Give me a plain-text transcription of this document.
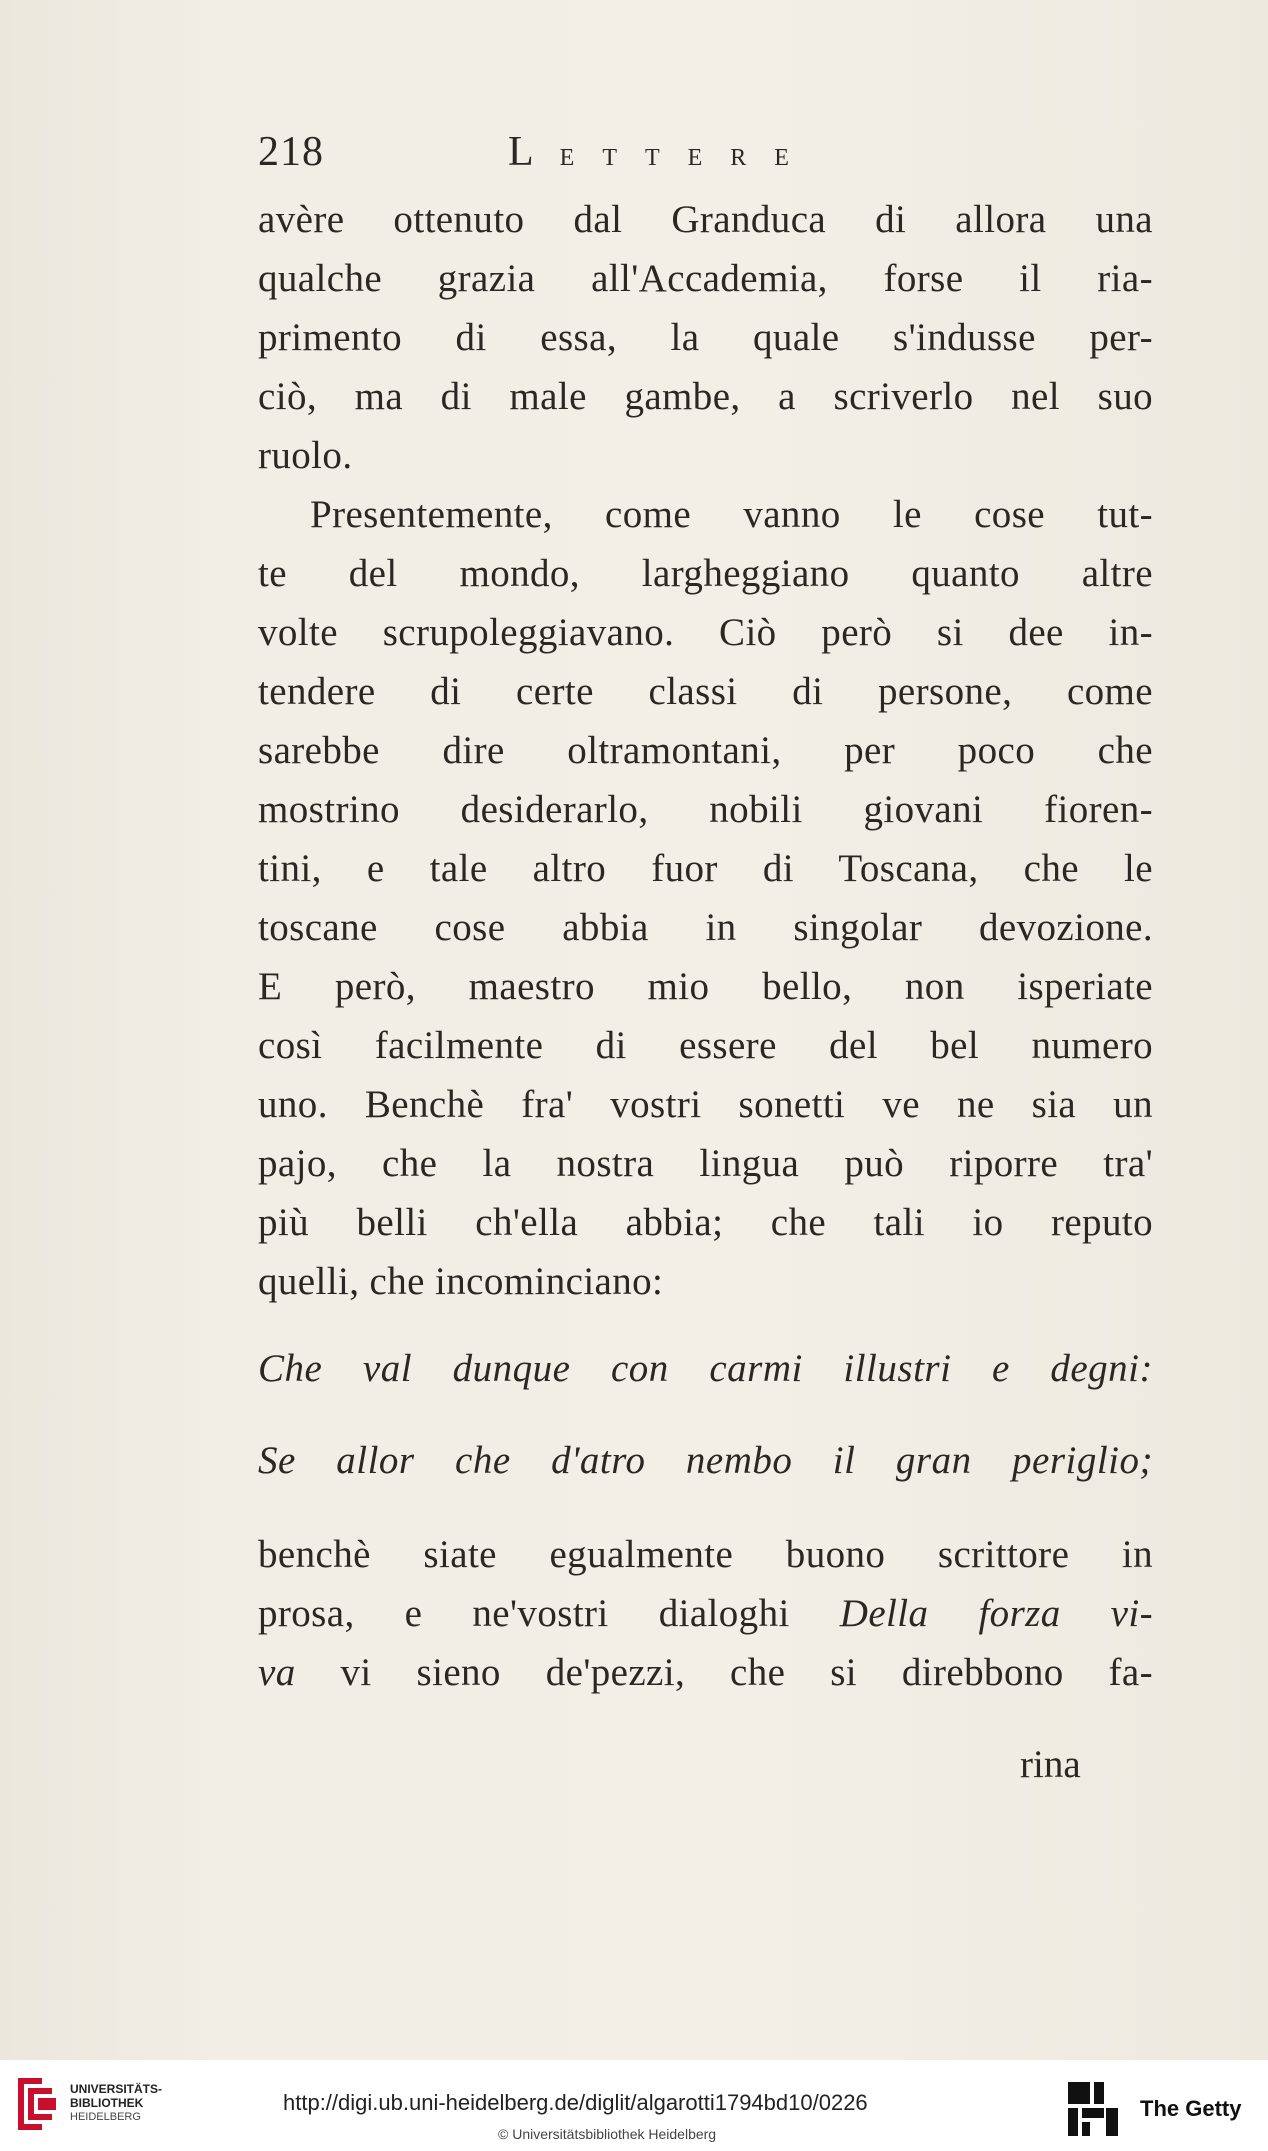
218	LETTERE
avère ottenuto dal Granduca di allora una
qualche grazia all'Accademia, forse il ria-
primento di essa, la quale s'indusse per-
ciò, ma di male gambe, a scriverlo nel suo
ruolo.
Presentemente, come vanno le cose tut-
te del mondo, largheggiano quanto altre
volte scrupoleggiavano. Ciò però si dee in-
tendere di certe classi di persone, come
sarebbe dire oltramontani, per poco che
mostrino desiderarlo, nobili giovani fioren-
tini, e tale altro fuor di Toscana, che le
toscane cose abbia in singolar devozione.
E però, maestro mio bello, non isperiate
così facilmente di essere del bel numero
uno. Benchè fra' vostri sonetti ve ne sia un
pajo, che la nostra lingua può riporre tra'
più belli ch'ella abbia; che tali io reputo
quelli, che incominciano:
Che val dunque con carmi illustri e degni:
Se allor che d'atro nembo il gran periglio;
benchè siate egualmente buono scrittore in
prosa, e ne'vostri dialoghi Della forza vi-
va vi sieno de'pezzi, che si direbbono fa-
rina
UNIVERSITÄTS-
BIBLIOTHEK
HEIDELBERG
http://digi.ub.uni-heidelberg.de/diglit/algarotti1794bd10/0226
© Universitätsbibliothek Heidelberg
The Getty
